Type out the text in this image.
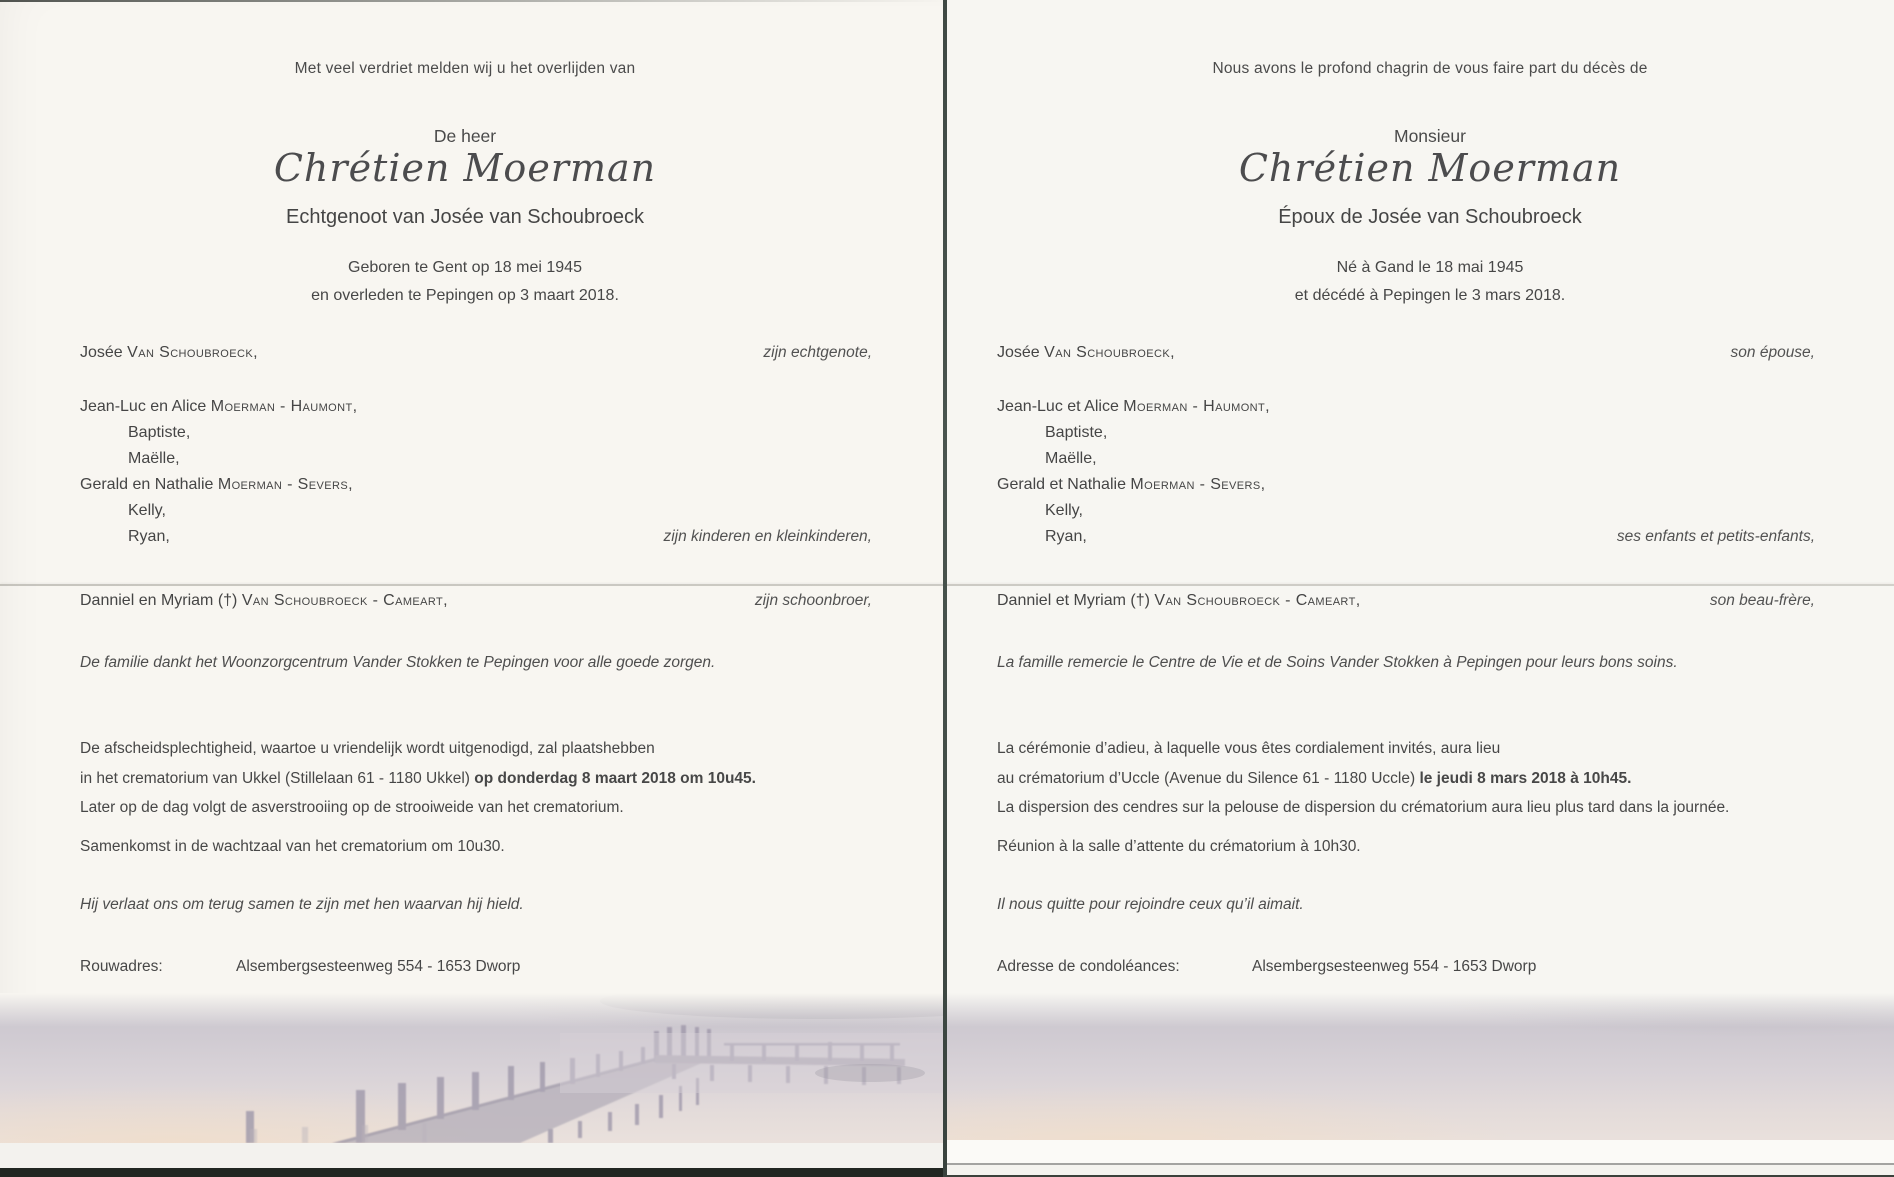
Met veel verdriet melden wij u het overlijden van
De heer
Chrétien Moerman
Echtgenoot van Josée van Schoubroeck
Geboren te Gent op 18 mei 1945
en overleden te Pepingen op 3 maart 2018.
Josée Van Schoubroeck,	zijn echtgenote,
Jean-Luc en Alice Moerman - Haumont,
Baptiste,
Maëlle,
Gerald en Nathalie Moerman - Severs,
Kelly,
Ryan,	zijn kinderen en kleinkinderen,
Danniel en Myriam (†) Van Schoubroeck - Cameart,	zijn schoonbroer,
De familie dankt het Woonzorgcentrum Vander Stokken te Pepingen voor alle goede zorgen.
De afscheidsplechtigheid, waartoe u vriendelijk wordt uitgenodigd, zal plaatshebben
in het crematorium van Ukkel (Stillelaan 61 - 1180 Ukkel) op donderdag 8 maart 2018 om 10u45.
Later op de dag volgt de asverstrooiing op de strooiweide van het crematorium.
Samenkomst in de wachtzaal van het crematorium om 10u30.
Hij verlaat ons om terug samen te zijn met hen waarvan hij hield.
Rouwadres:	Alsembergsesteenweg 554 - 1653 Dworp
Nous avons le profond chagrin de vous faire part du décès de
Monsieur
Chrétien Moerman
Époux de Josée van Schoubroeck
Né à Gand le 18 mai 1945
et décédé à Pepingen le 3 mars 2018.
Josée Van Schoubroeck,	son épouse,
Jean-Luc et Alice Moerman - Haumont,
Baptiste,
Maëlle,
Gerald et Nathalie Moerman - Severs,
Kelly,
Ryan,	ses enfants et petits-enfants,
Danniel et Myriam (†) Van Schoubroeck - Cameart,	son beau-frère,
La famille remercie le Centre de Vie et de Soins Vander Stokken à Pepingen pour leurs bons soins.
La cérémonie d’adieu, à laquelle vous êtes cordialement invités, aura lieu
au crématorium d’Uccle (Avenue du Silence 61 - 1180 Uccle) le jeudi 8 mars 2018 à 10h45.
La dispersion des cendres sur la pelouse de dispersion du crématorium aura lieu plus tard dans la journée.
Réunion à la salle d’attente du crématorium à 10h30.
Il nous quitte pour rejoindre ceux qu’il aimait.
Adresse de condoléances:	Alsembergsesteenweg 554 - 1653 Dworp
